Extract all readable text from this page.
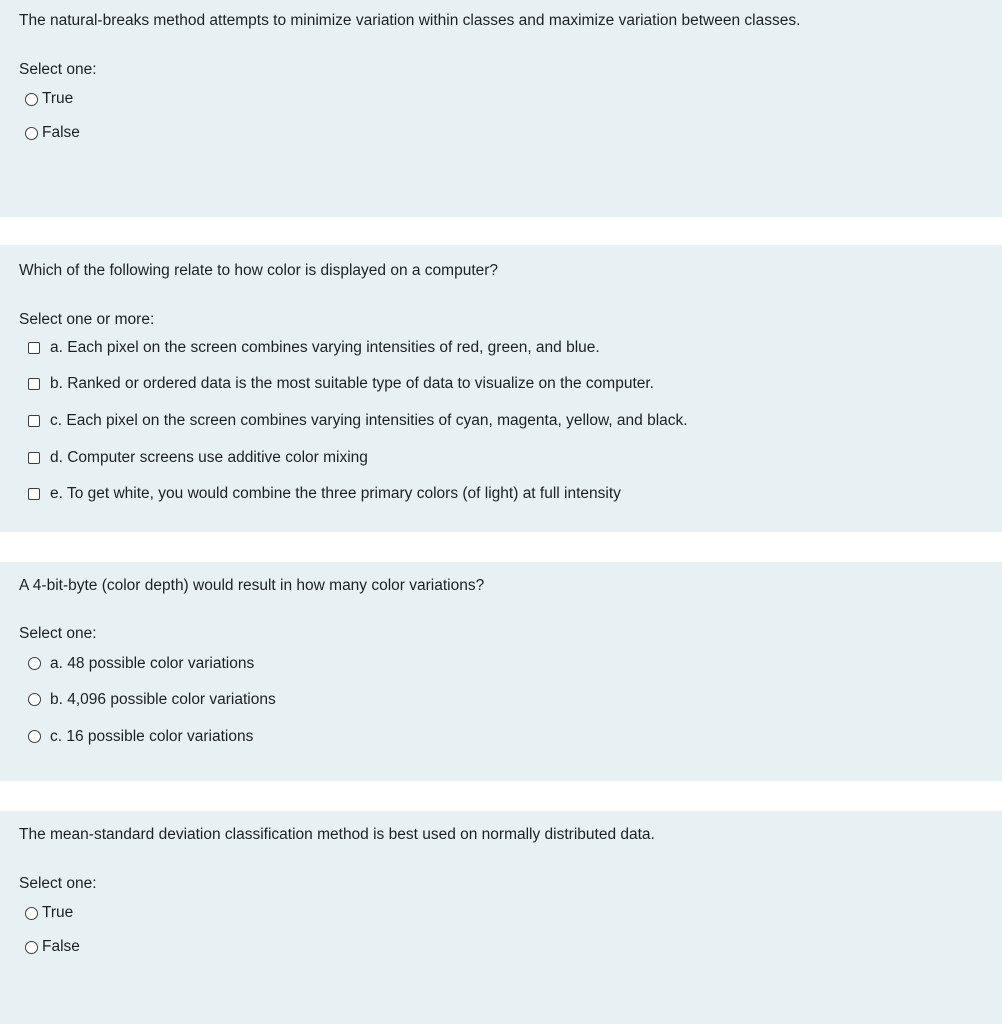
The natural-breaks method attempts to minimize variation within classes and maximize variation between classes.
Select one:
True
False
Which of the following relate to how color is displayed on a computer?
Select one or more:
a. Each pixel on the screen combines varying intensities of red, green, and blue.
b. Ranked or ordered data is the most suitable type of data to visualize on the computer.
c. Each pixel on the screen combines varying intensities of cyan, magenta, yellow, and black.
d. Computer screens use additive color mixing
e. To get white, you would combine the three primary colors (of light) at full intensity
A 4-bit-byte (color depth) would result in how many color variations?
Select one:
a. 48 possible color variations
b. 4,096 possible color variations
c. 16 possible color variations
The mean-standard deviation classification method is best used on normally distributed data.
Select one:
True
False
